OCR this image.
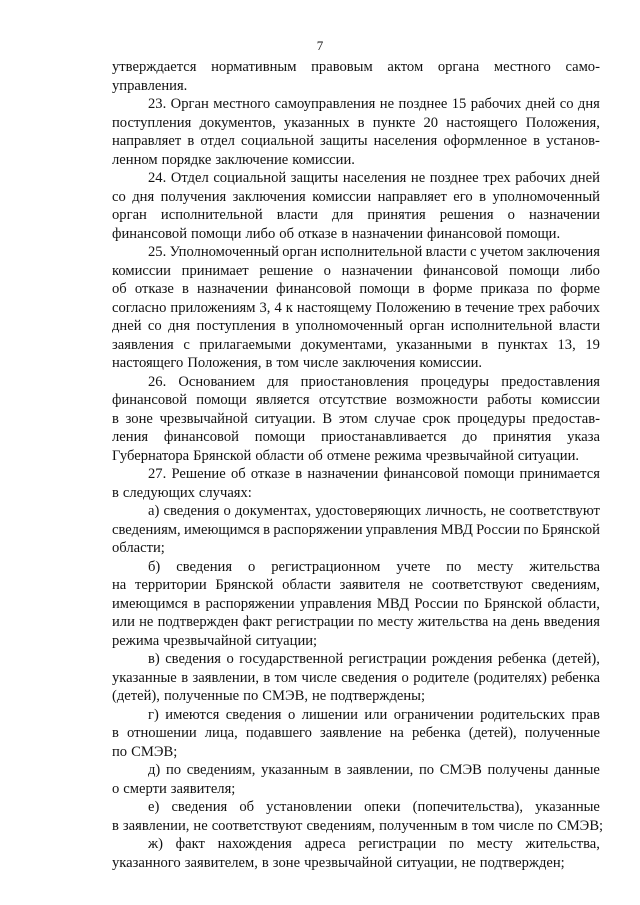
7
утверждается нормативным правовым актом органа местного само-
управления.
23. Орган местного самоуправления не позднее 15 рабочих дней со дня
поступления документов, указанных в пункте 20 настоящего Положения,
направляет в отдел социальной защиты населения оформленное в установ-
ленном порядке заключение комиссии.
24. Отдел социальной защиты населения не позднее трех рабочих дней
со дня получения заключения комиссии направляет его в уполномоченный
орган исполнительной власти для принятия решения о назначении
финансовой помощи либо об отказе в назначении финансовой помощи.
25. Уполномоченный орган исполнительной власти с учетом заключения
комиссии принимает решение о назначении финансовой помощи либо
об отказе в назначении финансовой помощи в форме приказа по форме
согласно приложениям 3, 4 к настоящему Положению в течение трех рабочих
дней со дня поступления в уполномоченный орган исполнительной власти
заявления с прилагаемыми документами, указанными в пунктах 13, 19
настоящего Положения, в том числе заключения комиссии.
26. Основанием для приостановления процедуры предоставления
финансовой помощи является отсутствие возможности работы комиссии
в зоне чрезвычайной ситуации. В этом случае срок процедуры предостав-
ления финансовой помощи приостанавливается до принятия указа
Губернатора Брянской области об отмене режима чрезвычайной ситуации.
27. Решение об отказе в назначении финансовой помощи принимается
в следующих случаях:
а) сведения о документах, удостоверяющих личность, не соответствуют
сведениям, имеющимся в распоряжении управления МВД России по Брянской
области;
б) сведения о регистрационном учете по месту жительства
на территории Брянской области заявителя не соответствуют сведениям,
имеющимся в распоряжении управления МВД России по Брянской области,
или не подтвержден факт регистрации по месту жительства на день введения
режима чрезвычайной ситуации;
в) сведения о государственной регистрации рождения ребенка (детей),
указанные в заявлении, в том числе сведения о родителе (родителях) ребенка
(детей), полученные по СМЭВ, не подтверждены;
г) имеются сведения о лишении или ограничении родительских прав
в отношении лица, подавшего заявление на ребенка (детей), полученные
по СМЭВ;
д) по сведениям, указанным в заявлении, по СМЭВ получены данные
о смерти заявителя;
е) сведения об установлении опеки (попечительства), указанные
в заявлении, не соответствуют сведениям, полученным в том числе по СМЭВ;
ж) факт нахождения адреса регистрации по месту жительства,
указанного заявителем, в зоне чрезвычайной ситуации, не подтвержден;
